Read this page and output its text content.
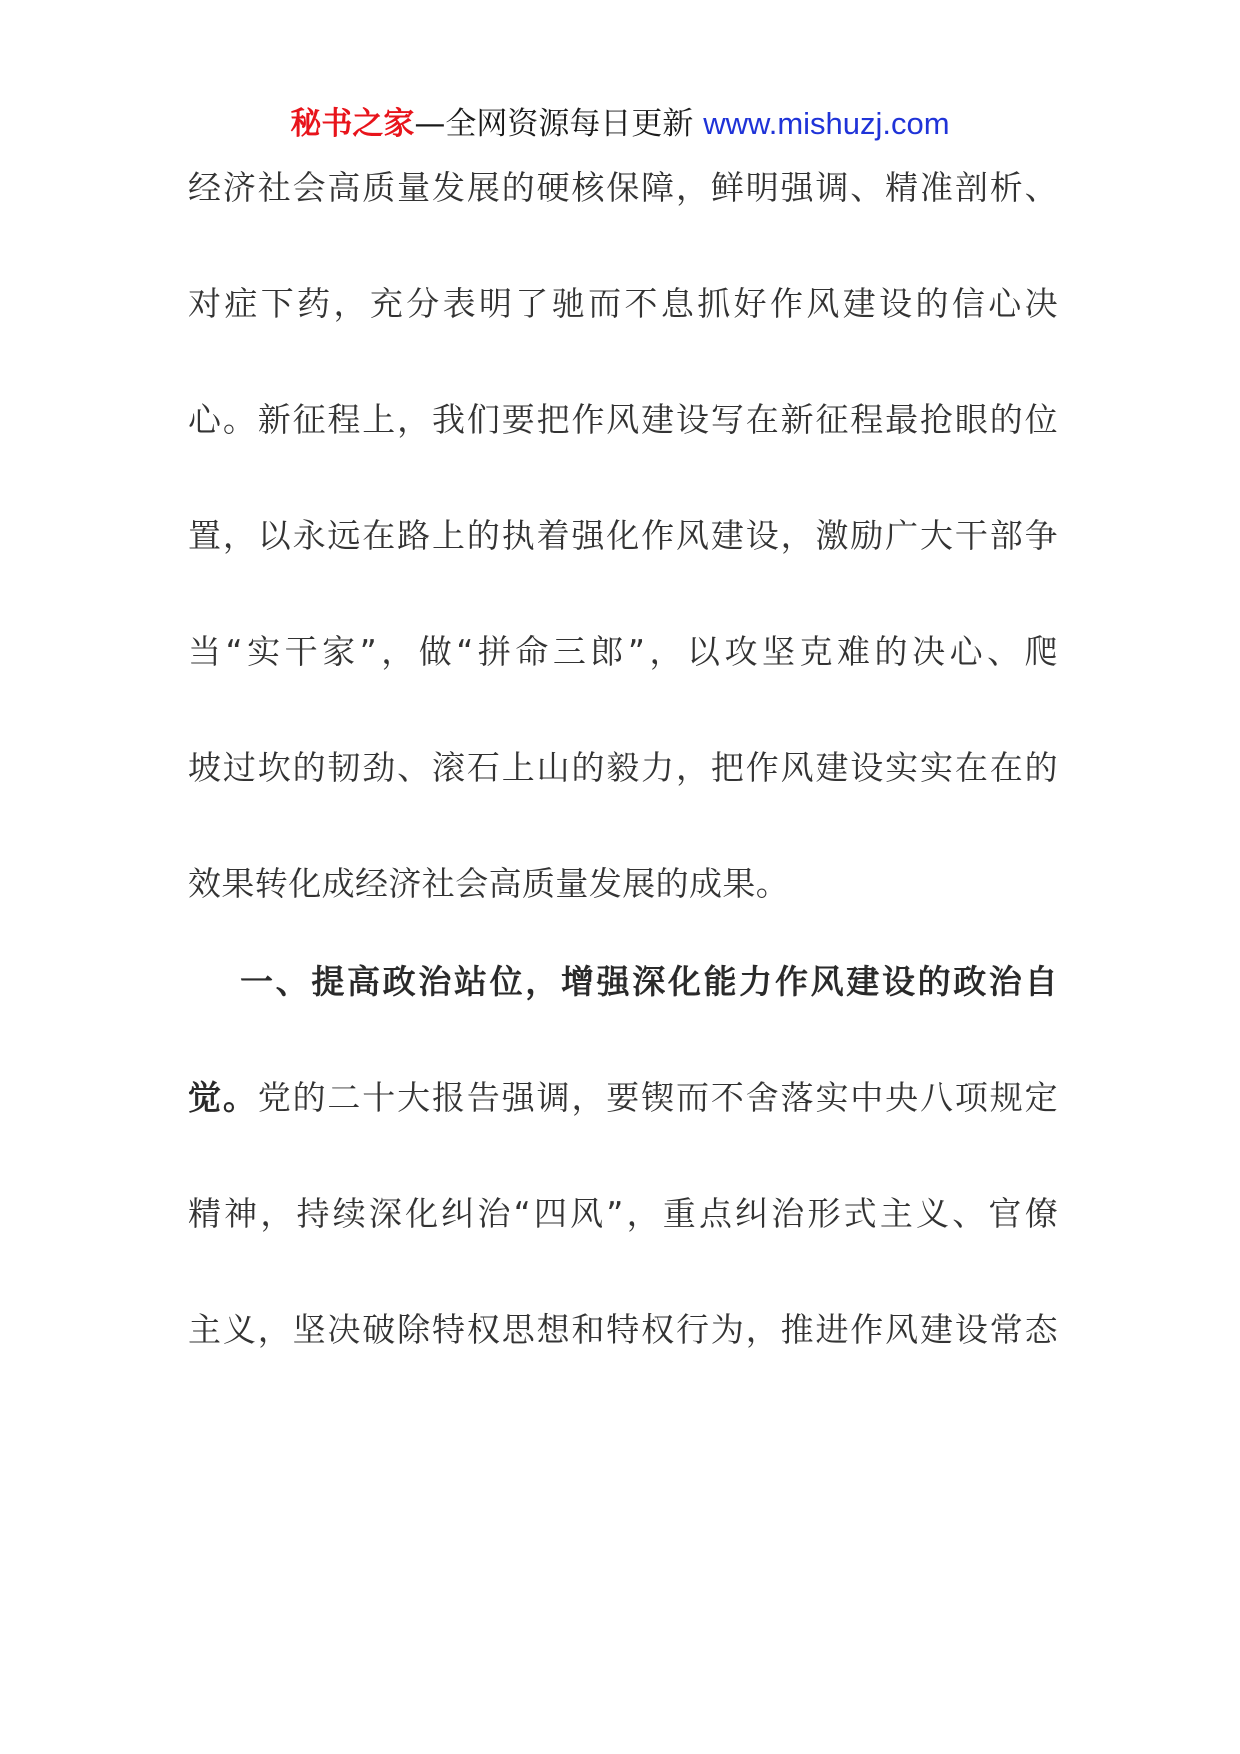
秘书之家—全网资源每日更新 www.mishuzj.com
经济社会高质量发展的硬核保障，鲜明强调、精准剖析、
对症下药，充分表明了驰而不息抓好作风建设的信心决
心。新征程上，我们要把作风建设写在新征程最抢眼的位
置，以永远在路上的执着强化作风建设，激励广大干部争
当“实干家”，做“拼命三郎”，以攻坚克难的决心、爬
坡过坎的韧劲、滚石上山的毅力，把作风建设实实在在的
效果转化成经济社会高质量发展的成果。
一、提高政治站位，增强深化能力作风建设的政治自
觉。党的二十大报告强调，要锲而不舍落实中央八项规定
精神，持续深化纠治“四风”，重点纠治形式主义、官僚
主义，坚决破除特权思想和特权行为，推进作风建设常态
